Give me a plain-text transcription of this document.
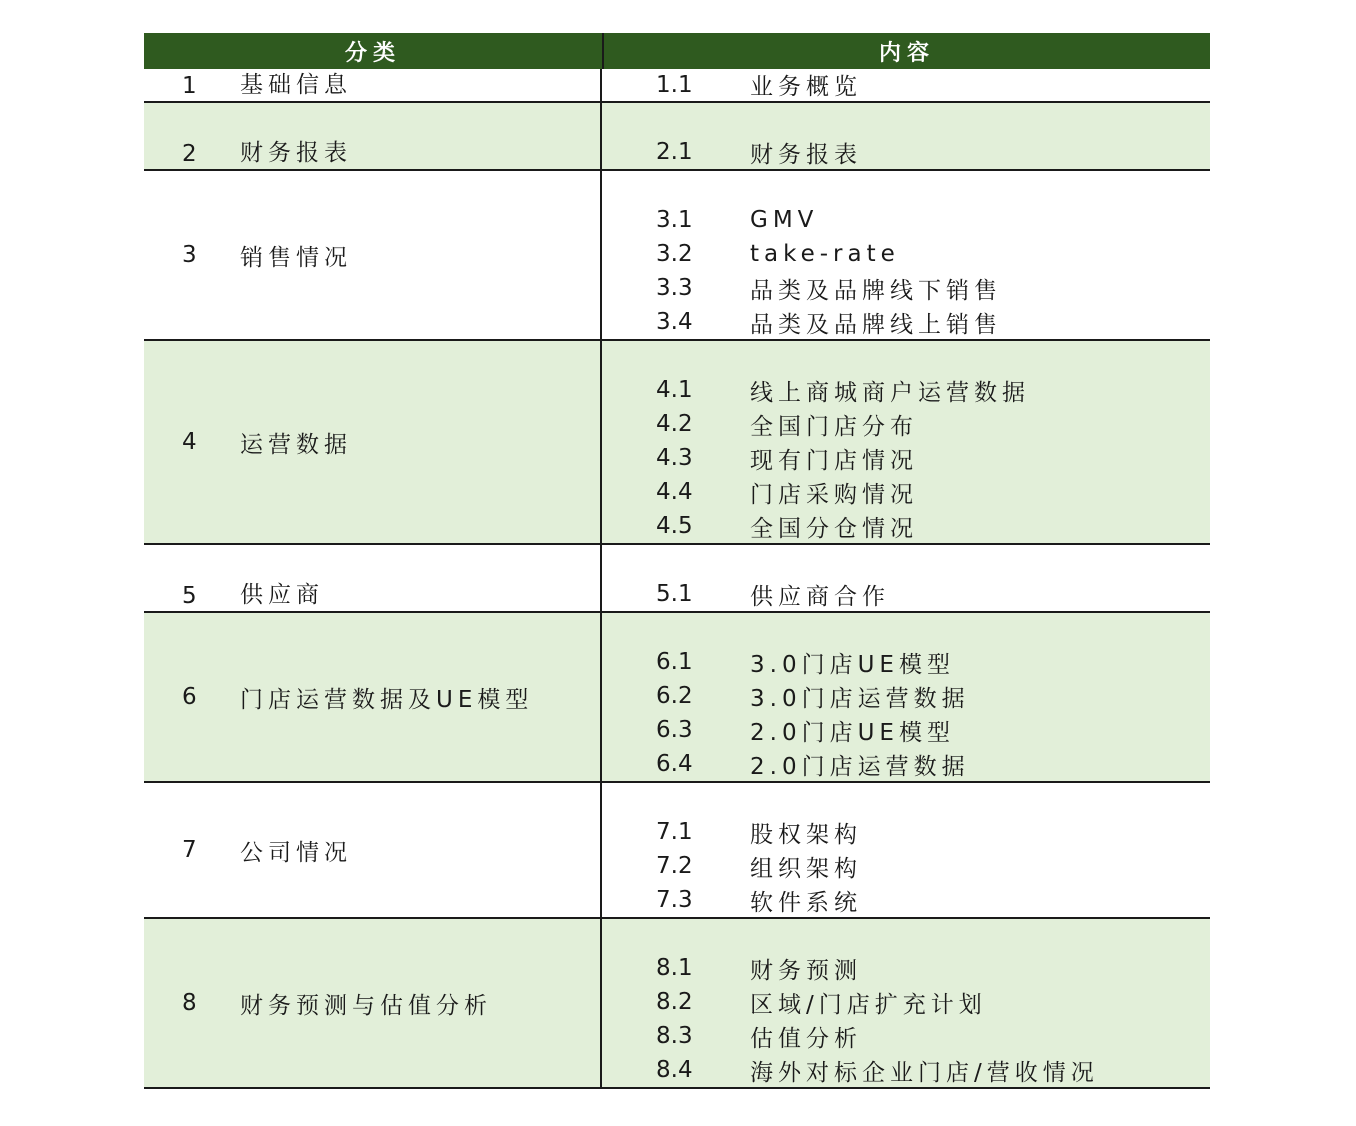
分类	内容
1	基础信息	1.1	业务概览
2	财务报表	2.1	财务报表
3	销售情况
3.1	GMV
3.2	take-rate
3.3	品类及品牌线下销售
3.4	品类及品牌线上销售
4	运营数据
4.1	线上商城商户运营数据
4.2	全国门店分布
4.3	现有门店情况
4.4	门店采购情况
4.5	全国分仓情况
5	供应商	5.1	供应商合作
6	门店运营数据及UE模型
6.1	3.0门店UE模型
6.2	3.0门店运营数据
6.3	2.0门店UE模型
6.4	2.0门店运营数据
7	公司情况
7.1	股权架构
7.2	组织架构
7.3	软件系统
8	财务预测与估值分析
8.1	财务预测
8.2	区域/门店扩充计划
8.3	估值分析
8.4	海外对标企业门店/营收情况
